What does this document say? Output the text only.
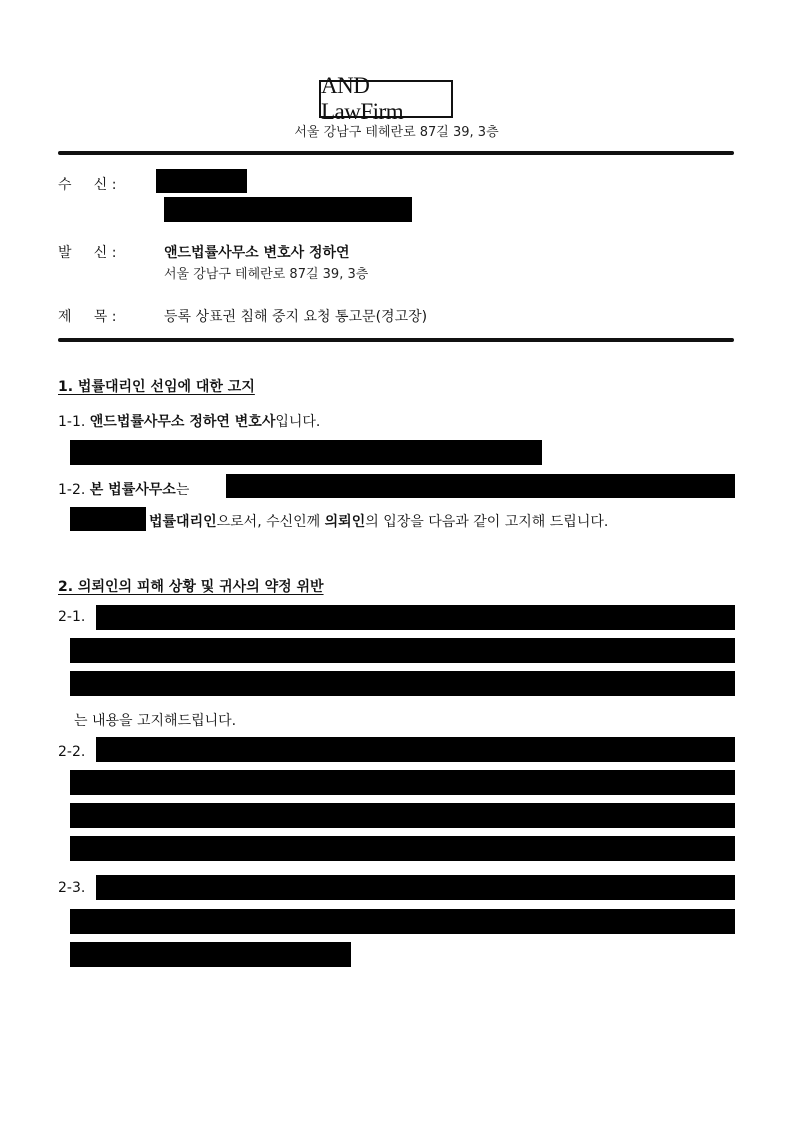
AND LawFirm
서울 강남구 테헤란로 87길 39, 3층
수     신 :
발     신 :	앤드법률사무소 변호사 정하연
서울 강남구 테헤란로 87길 39, 3층
제     목 :	등록 상표권 침해 중지 요청 통고문(경고장)
1. 법률대리인 선임에 대한 고지
1-1. 앤드법률사무소 정하연 변호사입니다.
1-2. 본 법률사무소는
법률대리인으로서, 수신인께 의뢰인의 입장을 다음과 같이 고지해 드립니다.
2. 의뢰인의 피해 상황 및 귀사의 약정 위반
2-1.
는 내용을 고지해드립니다.
2-2.
2-3.
